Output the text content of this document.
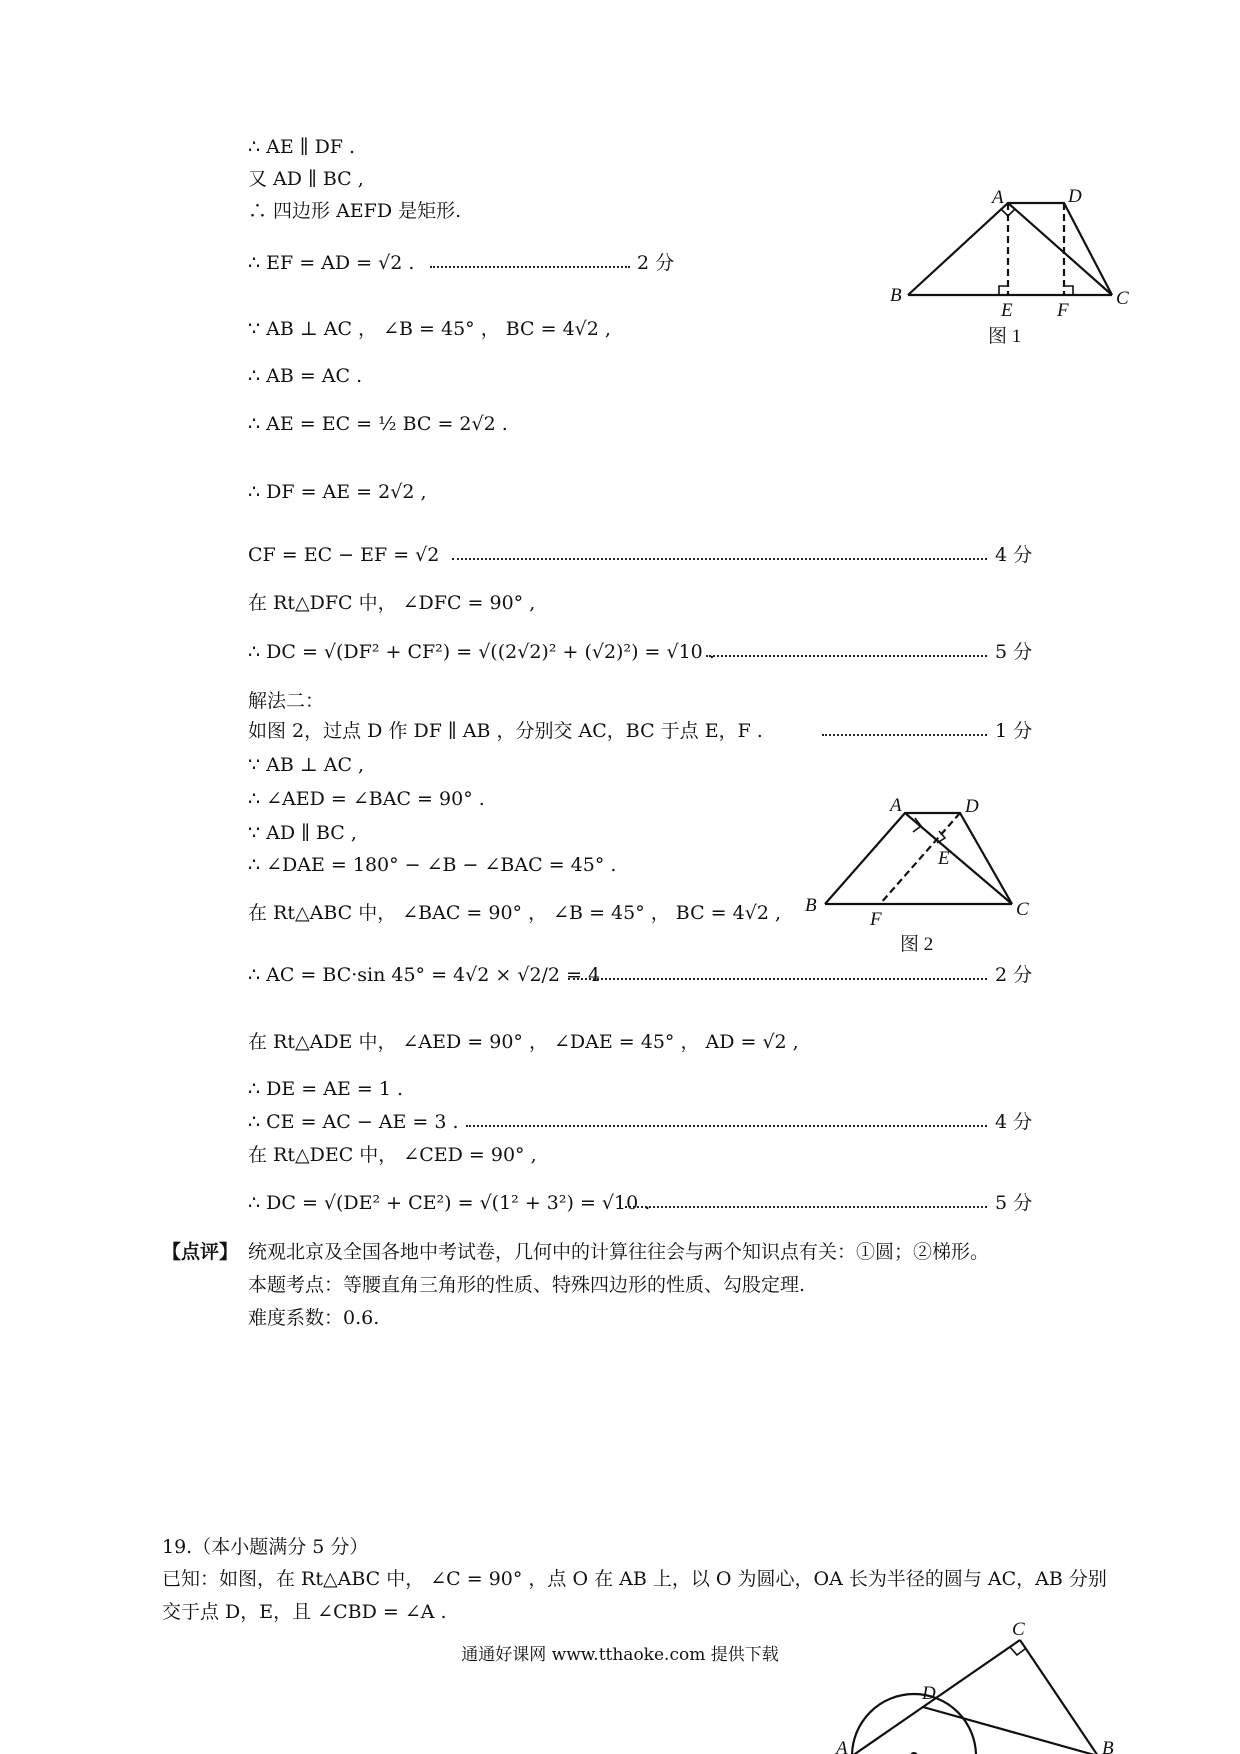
∴ AE ∥ DF .
又 AD ∥ BC ,
∴ 四边形 AEFD 是矩形.
∴ EF = AD = √2 .	2 分
∵ AB ⊥ AC ， ∠B = 45° ， BC = 4√2 ,
∴ AB = AC .
∴ AE = EC = ½ BC = 2√2 .
∴ DF = AE = 2√2 ,
CF = EC − EF = √2	4 分
在 Rt△DFC 中， ∠DFC = 90° ,
∴ DC = √(DF² + CF²) = √((2√2)² + (√2)²) = √10 .	5 分
解法二：
如图 2，过点 D 作 DF ∥ AB ，分别交 AC，BC 于点 E，F .	1 分
∵ AB ⊥ AC ,
∴ ∠AED = ∠BAC = 90° .
∵ AD ∥ BC ,
∴ ∠DAE = 180° − ∠B − ∠BAC = 45° .
在 Rt△ABC 中， ∠BAC = 90° ， ∠B = 45° ， BC = 4√2 ,
∴ AC = BC·sin 45° = 4√2 × √2/2 = 4	2 分
在 Rt△ADE 中， ∠AED = 90° ， ∠DAE = 45° ， AD = √2 ,
∴ DE = AE = 1 .
∴ CE = AC − AE = 3 .	4 分
在 Rt△DEC 中， ∠CED = 90° ,
∴ DC = √(DE² + CE²) = √(1² + 3²) = √10 .	5 分
【点评】 统观北京及全国各地中考试卷，几何中的计算往往会与两个知识点有关：①圆；②梯形。
本题考点：等腰直角三角形的性质、特殊四边形的性质、勾股定理.
难度系数：0.6.
19.（本小题满分 5 分）
已知：如图，在 Rt△ABC 中， ∠C = 90° ，点 O 在 AB 上，以 O 为圆心，OA 长为半径的圆与 AC，AB 分别
交于点 D，E，且 ∠CBD = ∠A .
通通好课网 www.tthaoke.com 提供下载
A	D
B	C
E F
图 1
A	D
E
B	C
F
图 2
C
D
A	B
